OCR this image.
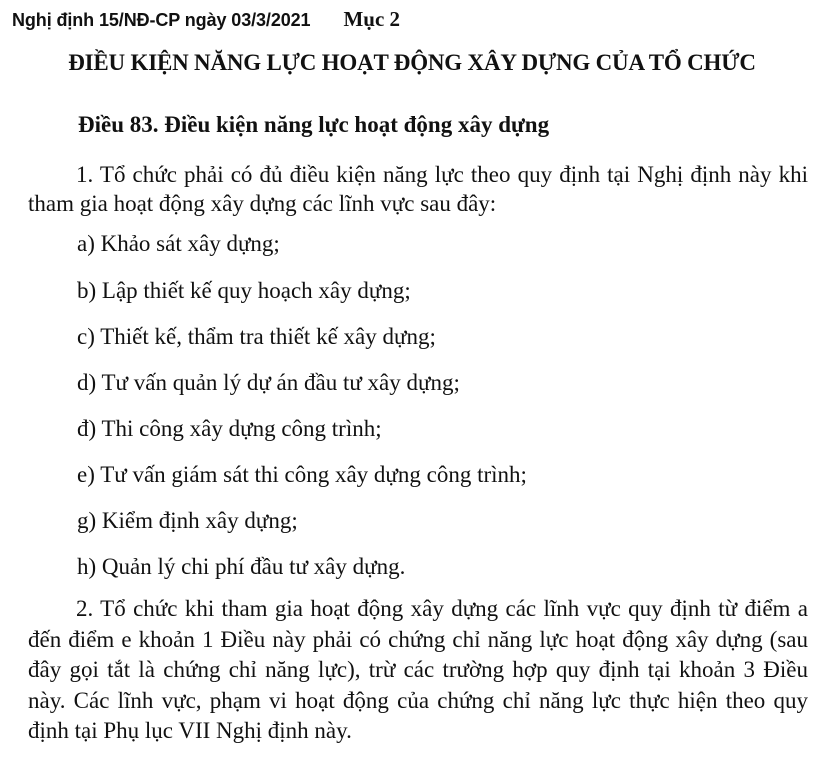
Nghị định 15/NĐ-CP ngày 03/3/2021 Mục 2
ĐIỀU KIỆN NĂNG LỰC HOẠT ĐỘNG XÂY DỰNG CỦA TỔ CHỨC
Điều 83. Điều kiện năng lực hoạt động xây dựng
1. Tổ chức phải có đủ điều kiện năng lực theo quy định tại Nghị định này khi tham gia hoạt động xây dựng các lĩnh vực sau đây:
a) Khảo sát xây dựng;
b) Lập thiết kế quy hoạch xây dựng;
c) Thiết kế, thẩm tra thiết kế xây dựng;
d) Tư vấn quản lý dự án đầu tư xây dựng;
đ) Thi công xây dựng công trình;
e) Tư vấn giám sát thi công xây dựng công trình;
g) Kiểm định xây dựng;
h) Quản lý chi phí đầu tư xây dựng.
2. Tổ chức khi tham gia hoạt động xây dựng các lĩnh vực quy định từ điểm a đến điểm e khoản 1 Điều này phải có chứng chỉ năng lực hoạt động xây dựng (sau đây gọi tắt là chứng chỉ năng lực), trừ các trường hợp quy định tại khoản 3 Điều này. Các lĩnh vực, phạm vi hoạt động của chứng chỉ năng lực thực hiện theo quy định tại Phụ lục VII Nghị định này.
